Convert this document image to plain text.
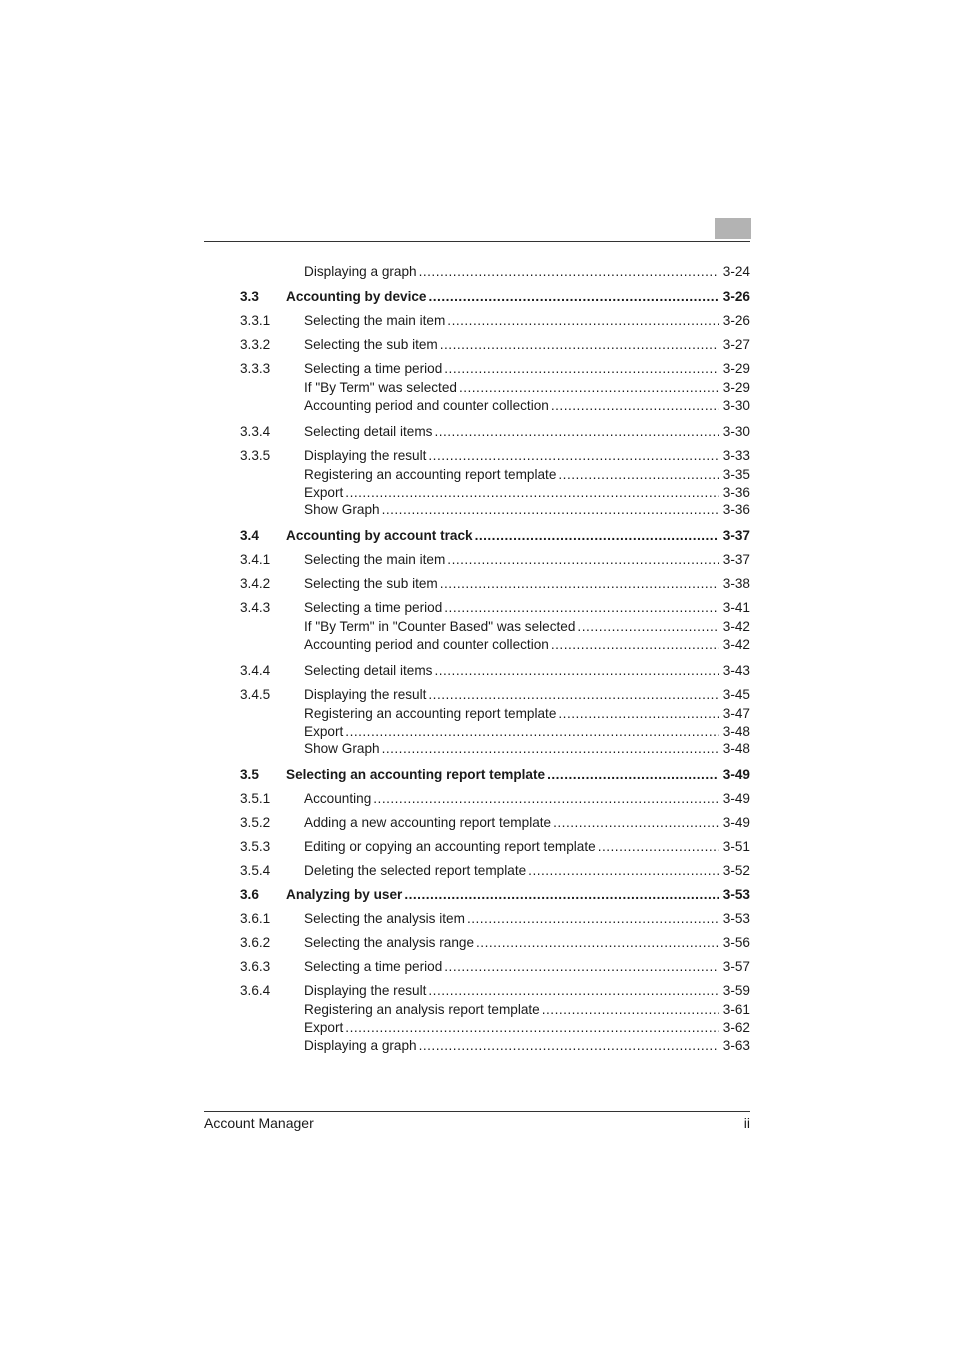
Displaying a graph .....	3-24
3.3	Accounting by device .....	3-26
3.3.1	Selecting the main item .....	3-26
3.3.2	Selecting the sub item .....	3-27
3.3.3	Selecting a time period .....	3-29
If "By Term" was selected .....	3-29
Accounting period and counter collection .....	3-30
3.3.4	Selecting detail items .....	3-30
3.3.5	Displaying the result .....	3-33
Registering an accounting report template .....	3-35
Export .....	3-36
Show Graph .....	3-36
3.4	Accounting by account track .....	3-37
3.4.1	Selecting the main item .....	3-37
3.4.2	Selecting the sub item .....	3-38
3.4.3	Selecting a time period .....	3-41
If "By Term" in "Counter Based" was selected .....	3-42
Accounting period and counter collection .....	3-42
3.4.4	Selecting detail items .....	3-43
3.4.5	Displaying the result .....	3-45
Registering an accounting report template .....	3-47
Export .....	3-48
Show Graph .....	3-48
3.5	Selecting an accounting report template .....	3-49
3.5.1	Accounting .....	3-49
3.5.2	Adding a new accounting report template .....	3-49
3.5.3	Editing or copying an accounting report template .....	3-51
3.5.4	Deleting the selected report template .....	3-52
3.6	Analyzing by user .....	3-53
3.6.1	Selecting the analysis item .....	3-53
3.6.2	Selecting the analysis range .....	3-56
3.6.3	Selecting a time period .....	3-57
3.6.4	Displaying the result .....	3-59
Registering an analysis report template .....	3-61
Export .....	3-62
Displaying a graph .....	3-63
Account Manager	ii
